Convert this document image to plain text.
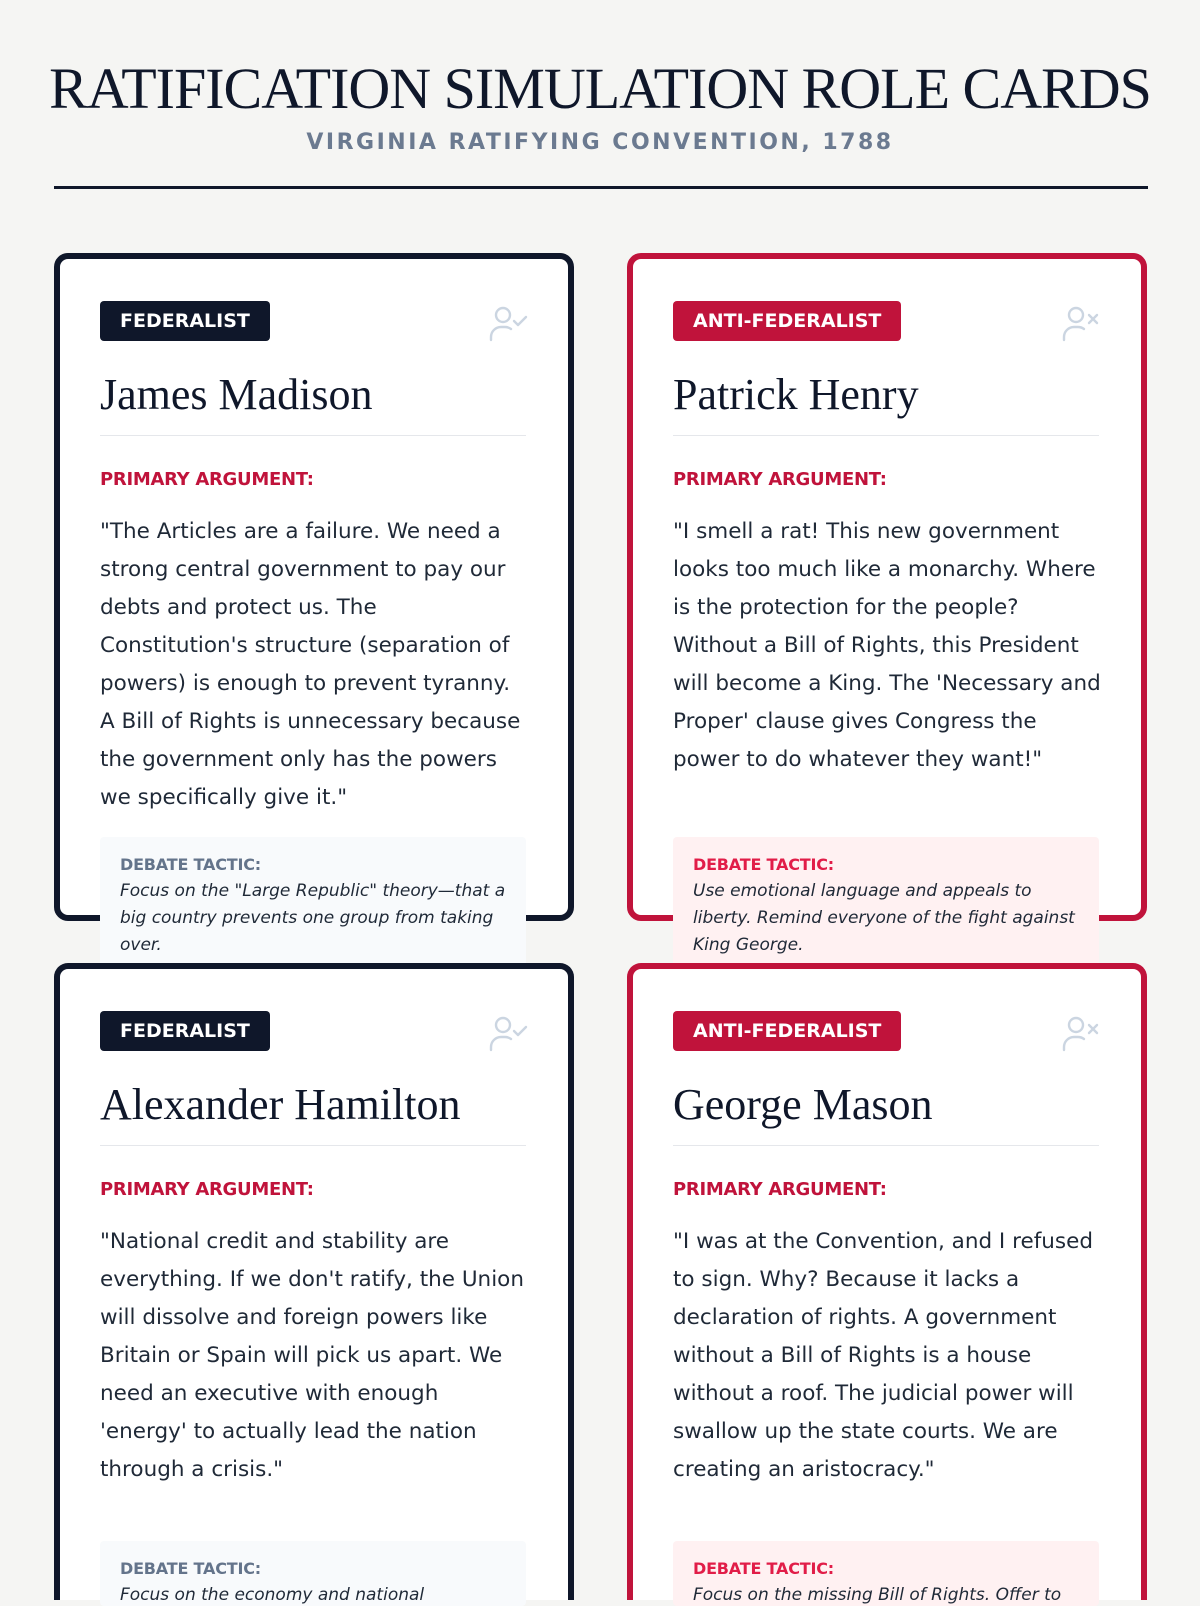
RATIFICATION SIMULATION ROLE CARDS
VIRGINIA RATIFYING CONVENTION, 1788
FEDERALIST
James Madison
PRIMARY ARGUMENT:
"The Articles are a failure. We need a strong central government to pay our debts and protect us. The Constitution's structure (separation of powers) is enough to prevent tyranny. A Bill of Rights is unnecessary because the government only has the powers we specifically give it."
DEBATE TACTIC:
Focus on the "Large Republic" theory—that a big country prevents one group from taking over.
ANTI-FEDERALIST
Patrick Henry
PRIMARY ARGUMENT:
"I smell a rat! This new government looks too much like a monarchy. Where is the protection for the people? Without a Bill of Rights, this President will become a King. The 'Necessary and Proper' clause gives Congress the power to do whatever they want!"
DEBATE TACTIC:
Use emotional language and appeals to liberty. Remind everyone of the fight against King George.
FEDERALIST
Alexander Hamilton
PRIMARY ARGUMENT:
"National credit and stability are everything. If we don't ratify, the Union will dissolve and foreign powers like Britain or Spain will pick us apart. We need an executive with enough 'energy' to actually lead the nation through a crisis."
DEBATE TACTIC:
Focus on the economy and national
ANTI-FEDERALIST
George Mason
PRIMARY ARGUMENT:
"I was at the Convention, and I refused to sign. Why? Because it lacks a declaration of rights. A government without a Bill of Rights is a house without a roof. The judicial power will swallow up the state courts. We are creating an aristocracy."
DEBATE TACTIC:
Focus on the missing Bill of Rights. Offer to
